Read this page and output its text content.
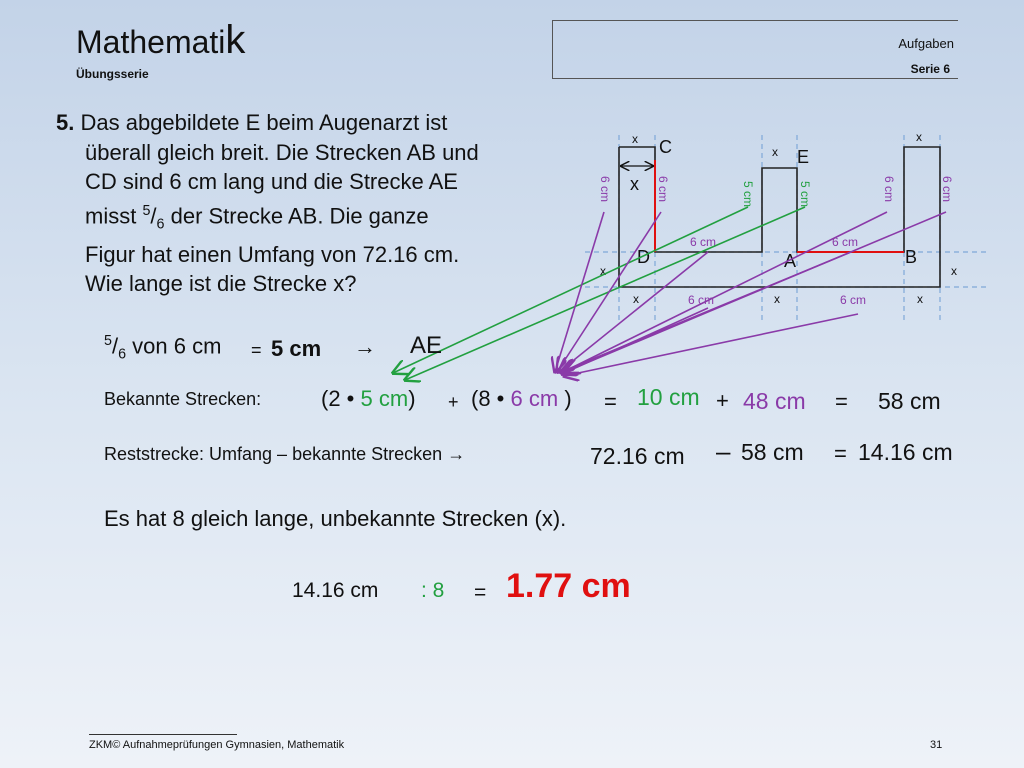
Mathematik
Übungsserie
Aufgaben
Serie 6
5. Das abgebildete E beim Augenarzt ist
überall gleich breit. Die Strecken AB und
CD sind 6 cm lang und die Strecke AE
misst $^5/_6$ der Strecke AB. Die ganze
Figur hat einen Umfang von 72.16 cm.
Wie lange ist die Strecke x?
C	E
D	A	B
x
x
x
x
x	x
x	x	x
6 cm	6 cm
6 cm	6 cm
6 cm	6 cm	6 cm	6 cm
5 cm	5 cm
$^5/_6$ von 6 cm = 5 cm → AE
Bekannte Strecken:	(2 • 5 cm) + (8 • 6 cm ) = 10 cm + 48 cm = 58 cm
Reststrecke: Umfang – bekannte Strecken →	72.16 cm – 58 cm = 14.16 cm
Es hat 8 gleich lange, unbekannte Strecken (x).
14.16 cm : 8 = 1.77 cm
ZKM© Aufnahmeprüfungen Gymnasien, Mathematik	31
